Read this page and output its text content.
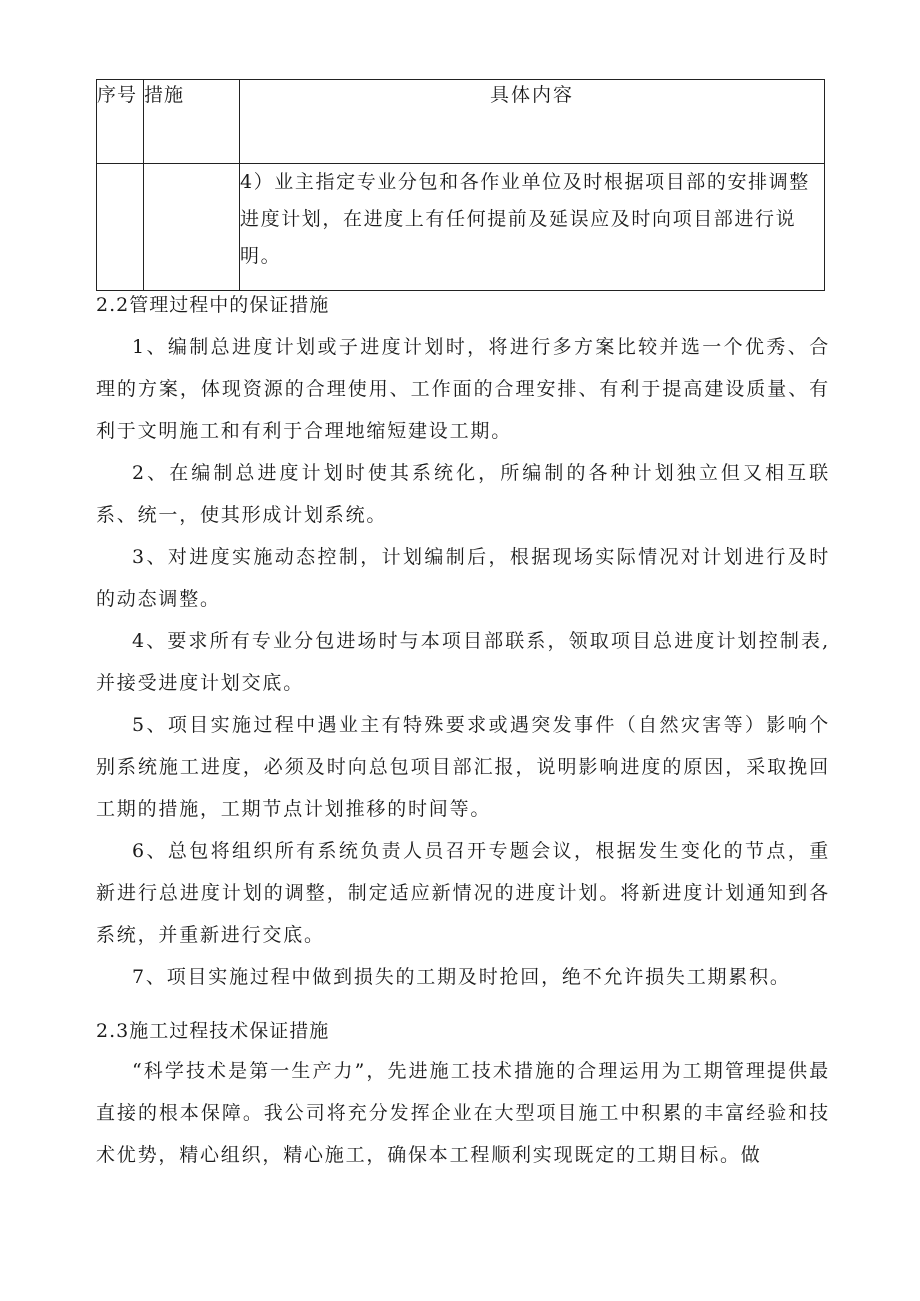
序号	措施	具体内容
		4）业主指定专业分包和各作业单位及时根据项目部的安排调整进度计划，在进度上有任何提前及延误应及时向项目部进行说明。
2.2管理过程中的保证措施
1、编制总进度计划或子进度计划时，将进行多方案比较并选一个优秀、合理的方案，体现资源的合理使用、工作面的合理安排、有利于提高建设质量、有利于文明施工和有利于合理地缩短建设工期。
2、在编制总进度计划时使其系统化，所编制的各种计划独立但又相互联系、统一，使其形成计划系统。
3、对进度实施动态控制，计划编制后，根据现场实际情况对计划进行及时的动态调整。
4、要求所有专业分包进场时与本项目部联系，领取项目总进度计划控制表,并接受进度计划交底。
5、项目实施过程中遇业主有特殊要求或遇突发事件（自然灾害等）影响个别系统施工进度，必须及时向总包项目部汇报，说明影响进度的原因，采取挽回工期的措施，工期节点计划推移的时间等。
6、总包将组织所有系统负责人员召开专题会议，根据发生变化的节点，重新进行总进度计划的调整，制定适应新情况的进度计划。将新进度计划通知到各系统，并重新进行交底。
7、项目实施过程中做到损失的工期及时抢回，绝不允许损失工期累积。
2.3施工过程技术保证措施
“科学技术是第一生产力”，先进施工技术措施的合理运用为工期管理提供最直接的根本保障。我公司将充分发挥企业在大型项目施工中积累的丰富经验和技术优势，精心组织，精心施工，确保本工程顺利实现既定的工期目标。做
